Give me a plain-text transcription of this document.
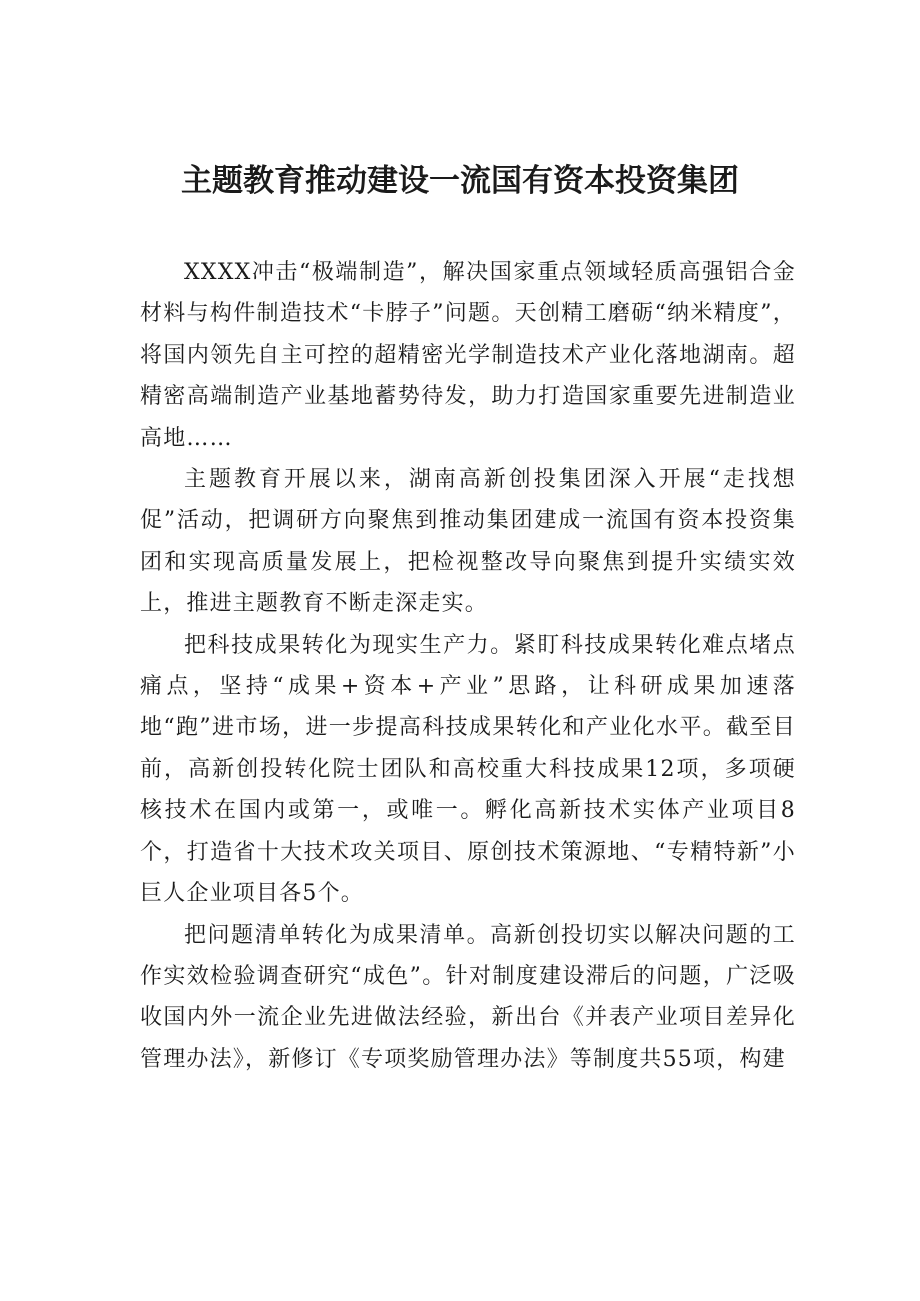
主题教育推动建设一流国有资本投资集团

XXXX冲击“极端制造”，解决国家重点领域轻质高强铝合金材料与构件制造技术“卡脖子”问题。天创精工磨砺“纳米精度”，将国内领先自主可控的超精密光学制造技术产业化落地湖南。超精密高端制造产业基地蓄势待发，助力打造国家重要先进制造业高地……

主题教育开展以来，湖南高新创投集团深入开展“走找想促”活动，把调研方向聚焦到推动集团建成一流国有资本投资集团和实现高质量发展上，把检视整改导向聚焦到提升实绩实效上，推进主题教育不断走深走实。

把科技成果转化为现实生产力。紧盯科技成果转化难点堵点痛点，坚持“成果+资本+产业”思路，让科研成果加速落地“跑”进市场，进一步提高科技成果转化和产业化水平。截至目前，高新创投转化院士团队和高校重大科技成果12项，多项硬核技术在国内或第一，或唯一。孵化高新技术实体产业项目8个，打造省十大技术攻关项目、原创技术策源地、“专精特新”小巨人企业项目各5个。

把问题清单转化为成果清单。高新创投切实以解决问题的工作实效检验调查研究“成色”。针对制度建设滞后的问题，广泛吸收国内外一流企业先进做法经验，新出台《并表产业项目差异化管理办法》，新修订《专项奖励管理办法》等制度共55项，构建
